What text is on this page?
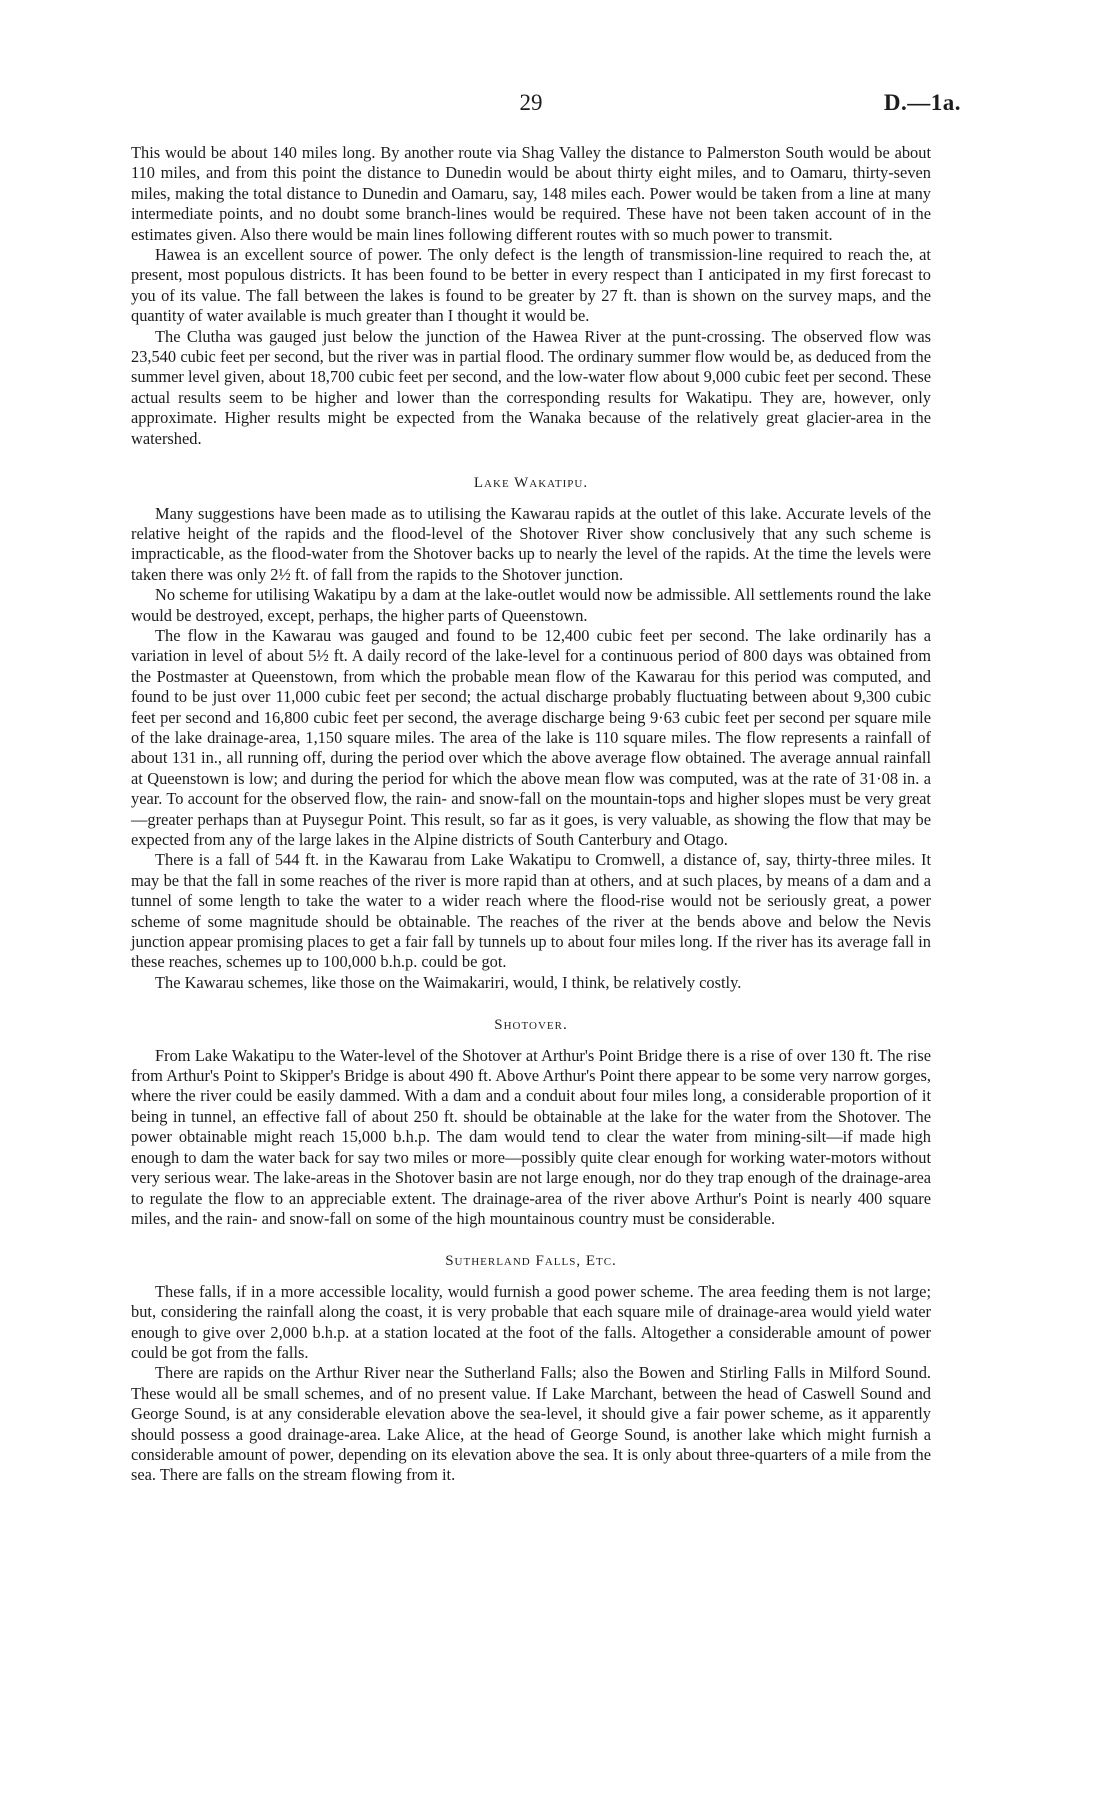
29	D.—1a.

This would be about 140 miles long. By another route via Shag Valley the distance to Palmerston South would be about 110 miles, and from this point the distance to Dunedin would be about thirty eight miles, and to Oamaru, thirty-seven miles, making the total distance to Dunedin and Oamaru, say, 148 miles each. Power would be taken from a line at many intermediate points, and no doubt some branch-lines would be required. These have not been taken account of in the estimates given. Also there would be main lines following different routes with so much power to transmit.

Hawea is an excellent source of power. The only defect is the length of transmission-line required to reach the, at present, most populous districts. It has been found to be better in every respect than I anticipated in my first forecast to you of its value. The fall between the lakes is found to be greater by 27 ft. than is shown on the survey maps, and the quantity of water available is much greater than I thought it would be.

The Clutha was gauged just below the junction of the Hawea River at the punt-crossing. The observed flow was 23,540 cubic feet per second, but the river was in partial flood. The ordinary summer flow would be, as deduced from the summer level given, about 18,700 cubic feet per second, and the low-water flow about 9,000 cubic feet per second. These actual results seem to be higher and lower than the corresponding results for Wakatipu. They are, however, only approximate. Higher results might be expected from the Wanaka because of the relatively great glacier-area in the watershed.

Lake Wakatipu.

Many suggestions have been made as to utilising the Kawarau rapids at the outlet of this lake. Accurate levels of the relative height of the rapids and the flood-level of the Shotover River show conclusively that any such scheme is impracticable, as the flood-water from the Shotover backs up to nearly the level of the rapids. At the time the levels were taken there was only 2½ ft. of fall from the rapids to the Shotover junction.

No scheme for utilising Wakatipu by a dam at the lake-outlet would now be admissible. All settlements round the lake would be destroyed, except, perhaps, the higher parts of Queenstown.

The flow in the Kawarau was gauged and found to be 12,400 cubic feet per second. The lake ordinarily has a variation in level of about 5½ ft. A daily record of the lake-level for a continuous period of 800 days was obtained from the Postmaster at Queenstown, from which the probable mean flow of the Kawarau for this period was computed, and found to be just over 11,000 cubic feet per second; the actual discharge probably fluctuating between about 9,300 cubic feet per second and 16,800 cubic feet per second, the average discharge being 9·63 cubic feet per second per square mile of the lake drainage-area, 1,150 square miles. The area of the lake is 110 square miles. The flow represents a rainfall of about 131 in., all running off, during the period over which the above average flow obtained. The average annual rainfall at Queenstown is low; and during the period for which the above mean flow was computed, was at the rate of 31·08 in. a year. To account for the observed flow, the rain- and snow-fall on the mountain-tops and higher slopes must be very great—greater perhaps than at Puysegur Point. This result, so far as it goes, is very valuable, as showing the flow that may be expected from any of the large lakes in the Alpine districts of South Canterbury and Otago.

There is a fall of 544 ft. in the Kawarau from Lake Wakatipu to Cromwell, a distance of, say, thirty-three miles. It may be that the fall in some reaches of the river is more rapid than at others, and at such places, by means of a dam and a tunnel of some length to take the water to a wider reach where the flood-rise would not be seriously great, a power scheme of some magnitude should be obtainable. The reaches of the river at the bends above and below the Nevis junction appear promising places to get a fair fall by tunnels up to about four miles long. If the river has its average fall in these reaches, schemes up to 100,000 b.h.p. could be got.

The Kawarau schemes, like those on the Waimakariri, would, I think, be relatively costly.

Shotover.

From Lake Wakatipu to the Water-level of the Shotover at Arthur's Point Bridge there is a rise of over 130 ft. The rise from Arthur's Point to Skipper's Bridge is about 490 ft. Above Arthur's Point there appear to be some very narrow gorges, where the river could be easily dammed. With a dam and a conduit about four miles long, a considerable proportion of it being in tunnel, an effective fall of about 250 ft. should be obtainable at the lake for the water from the Shotover. The power obtainable might reach 15,000 b.h.p. The dam would tend to clear the water from mining-silt—if made high enough to dam the water back for say two miles or more—possibly quite clear enough for working water-motors without very serious wear. The lake-areas in the Shotover basin are not large enough, nor do they trap enough of the drainage-area to regulate the flow to an appreciable extent. The drainage-area of the river above Arthur's Point is nearly 400 square miles, and the rain- and snow-fall on some of the high mountainous country must be considerable.

Sutherland Falls, Etc.

These falls, if in a more accessible locality, would furnish a good power scheme. The area feeding them is not large; but, considering the rainfall along the coast, it is very probable that each square mile of drainage-area would yield water enough to give over 2,000 b.h.p. at a station located at the foot of the falls. Altogether a considerable amount of power could be got from the falls.

There are rapids on the Arthur River near the Sutherland Falls; also the Bowen and Stirling Falls in Milford Sound. These would all be small schemes, and of no present value. If Lake Marchant, between the head of Caswell Sound and George Sound, is at any considerable elevation above the sea-level, it should give a fair power scheme, as it apparently should possess a good drainage-area. Lake Alice, at the head of George Sound, is another lake which might furnish a considerable amount of power, depending on its elevation above the sea. It is only about three-quarters of a mile from the sea. There are falls on the stream flowing from it.
